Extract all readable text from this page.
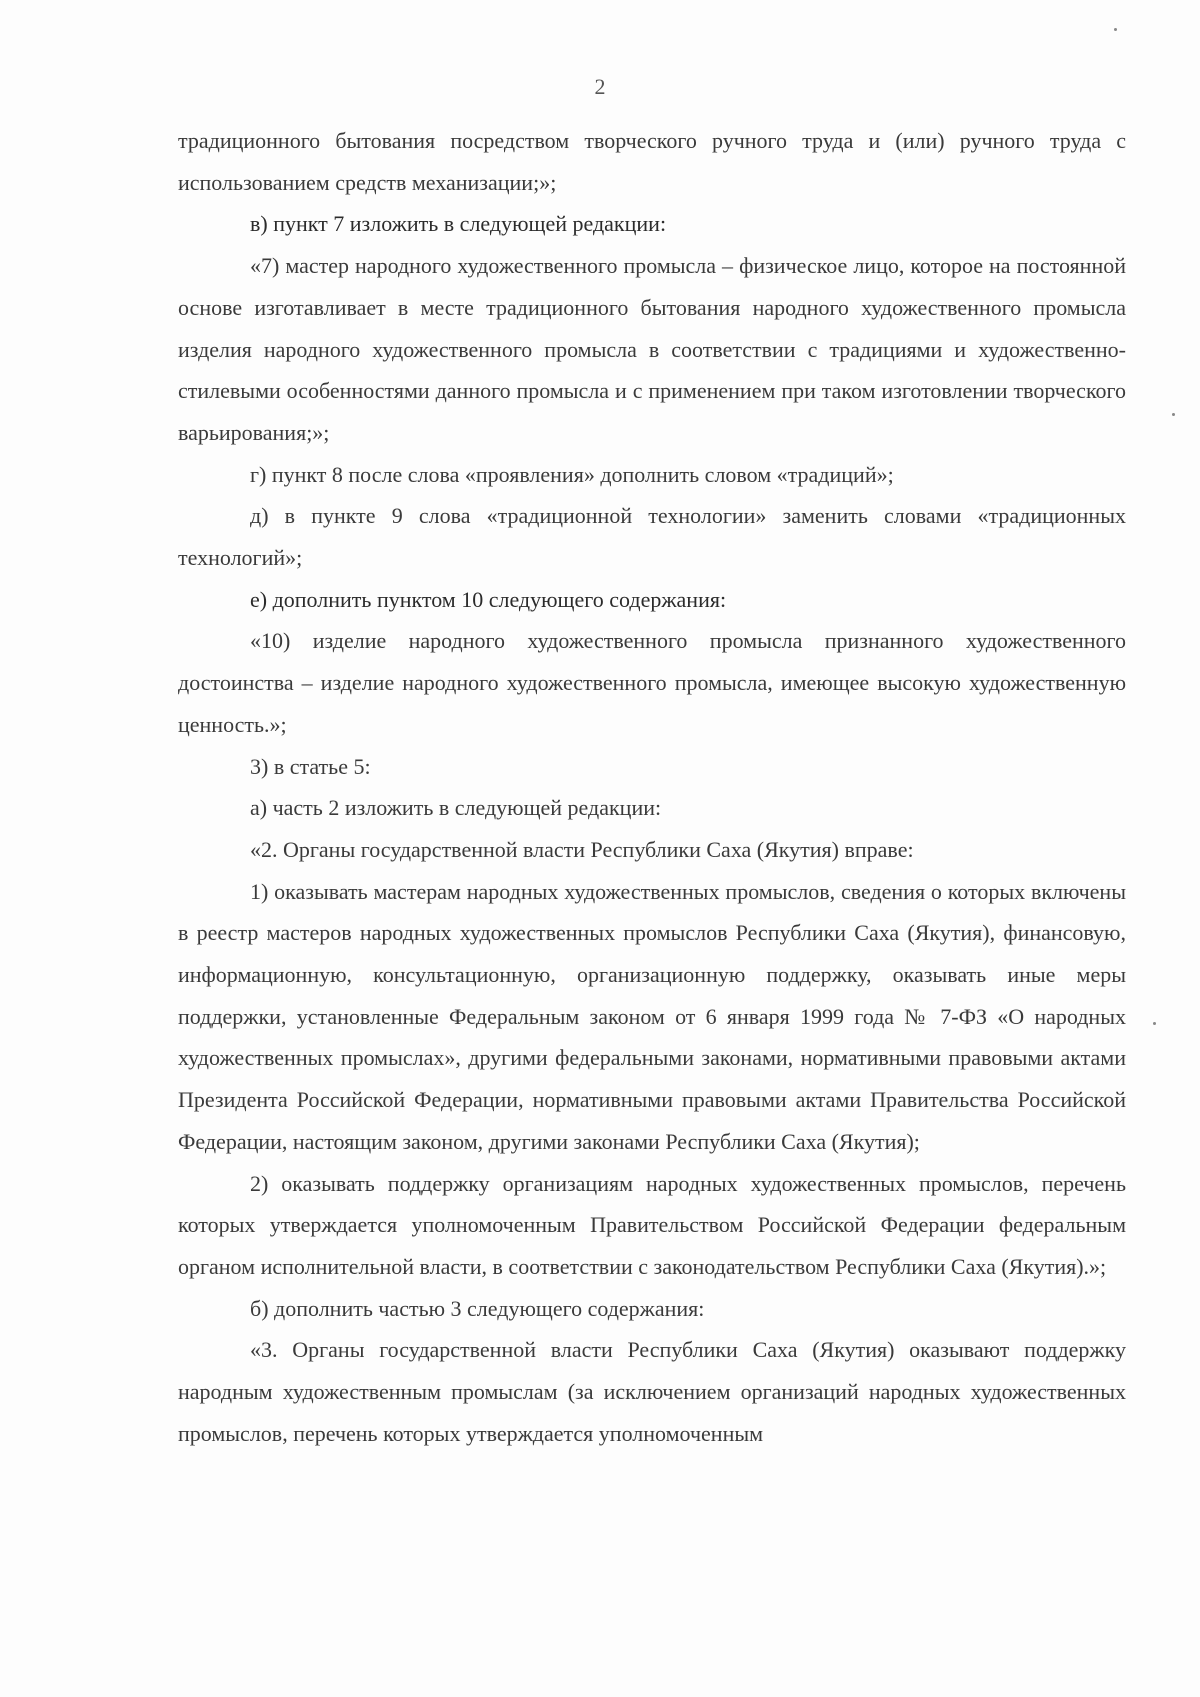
2

традиционного бытования посредством творческого ручного труда и (или) ручного труда с использованием средств механизации;»;

в) пункт 7 изложить в следующей редакции:

«7) мастер народного художественного промысла – физическое лицо, которое на постоянной основе изготавливает в месте традиционного бытования народного художественного промысла изделия народного художественного промысла в соответствии с традициями и художественно-стилевыми особенностями данного промысла и с применением при таком изготовлении творческого варьирования;»;

г) пункт 8 после слова «проявления» дополнить словом «традиций»;

д) в пункте 9 слова «традиционной технологии» заменить словами «традиционных технологий»;

е) дополнить пунктом 10 следующего содержания:

«10) изделие народного художественного промысла признанного художественного достоинства – изделие народного художественного промысла, имеющее высокую художественную ценность.»;

3) в статье 5:

а) часть 2 изложить в следующей редакции:

«2. Органы государственной власти Республики Саха (Якутия) вправе:

1) оказывать мастерам народных художественных промыслов, сведения о которых включены в реестр мастеров народных художественных промыслов Республики Саха (Якутия), финансовую, информационную, консультационную, организационную поддержку, оказывать иные меры поддержки, установленные Федеральным законом от 6 января 1999 года № 7-ФЗ «О народных художественных промыслах», другими федеральными законами, нормативными правовыми актами Президента Российской Федерации, нормативными правовыми актами Правительства Российской Федерации, настоящим законом, другими законами Республики Саха (Якутия);

2) оказывать поддержку организациям народных художественных промыслов, перечень которых утверждается уполномоченным Правительством Российской Федерации федеральным органом исполнительной власти, в соответствии с законодательством Республики Саха (Якутия).»;

б) дополнить частью 3 следующего содержания:

«3. Органы государственной власти Республики Саха (Якутия) оказывают поддержку народным художественным промыслам (за исключением организаций народных художественных промыслов, перечень которых утверждается уполномоченным
